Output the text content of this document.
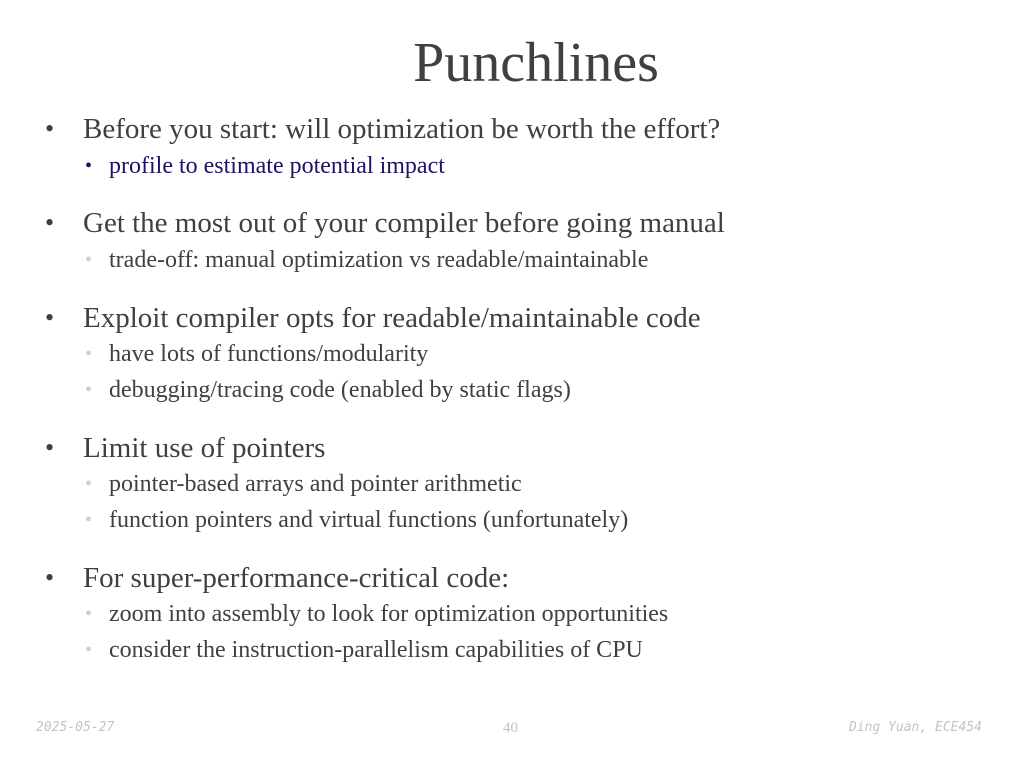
Punchlines
• Before you start: will optimization be worth the effort?
• profile to estimate potential impact
• Get the most out of your compiler before going manual
• trade-off: manual optimization vs readable/maintainable
• Exploit compiler opts for readable/maintainable code
• have lots of functions/modularity
• debugging/tracing code (enabled by static flags)
• Limit use of pointers
• pointer-based arrays and pointer arithmetic
• function pointers and virtual functions (unfortunately)
• For super-performance-critical code:
• zoom into assembly to look for optimization opportunities
• consider the instruction-parallelism capabilities of CPU
2025-05-27	40	Ding Yuan, ECE454
